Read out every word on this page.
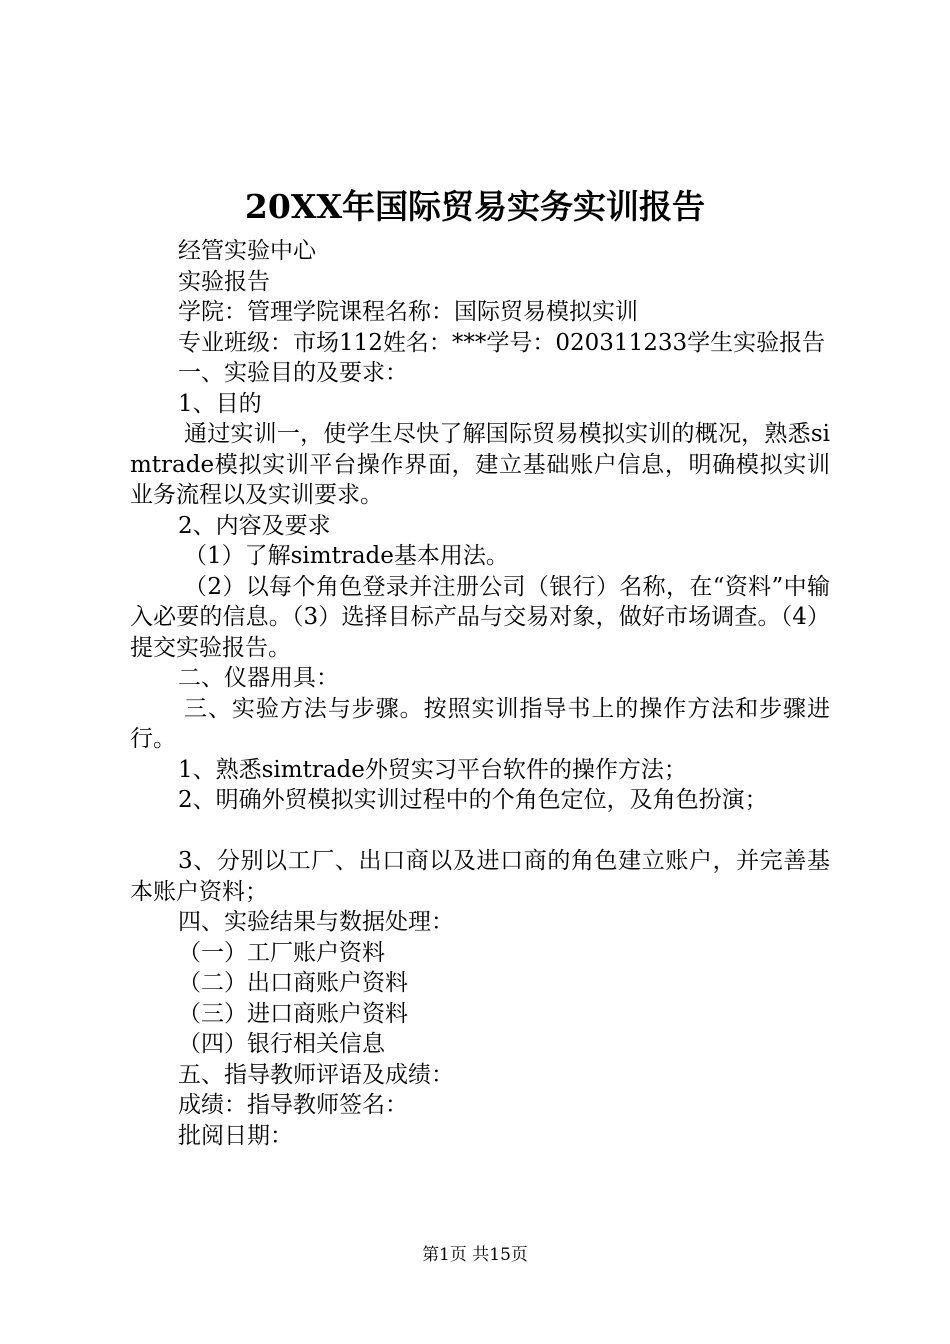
20XX年国际贸易实务实训报告

经管实验中心

实验报告

学院：管理学院课程名称：国际贸易模拟实训

专业班级：市场112姓名：***学号：020311233学生实验报告

一、实验目的及要求：

1、目的

通过实训一，使学生尽快了解国际贸易模拟实训的概况，熟悉simtrade模拟实训平台操作界面，建立基础账户信息，明确模拟实训业务流程以及实训要求。

2、内容及要求

（1）了解simtrade基本用法。

（2）以每个角色登录并注册公司（银行）名称，在“资料”中输入必要的信息。（3）选择目标产品与交易对象，做好市场调查。（4）提交实验报告。

二、仪器用具：

三、实验方法与步骤。按照实训指导书上的操作方法和步骤进行。

1、熟悉simtrade外贸实习平台软件的操作方法；

2、明确外贸模拟实训过程中的个角色定位，及角色扮演；

3、分别以工厂、出口商以及进口商的角色建立账户，并完善基本账户资料；

四、实验结果与数据处理：

（一）工厂账户资料

（二）出口商账户资料

（三）进口商账户资料

（四）银行相关信息

五、指导教师评语及成绩：

成绩：指导教师签名：

批阅日期：

第1页 共15页
